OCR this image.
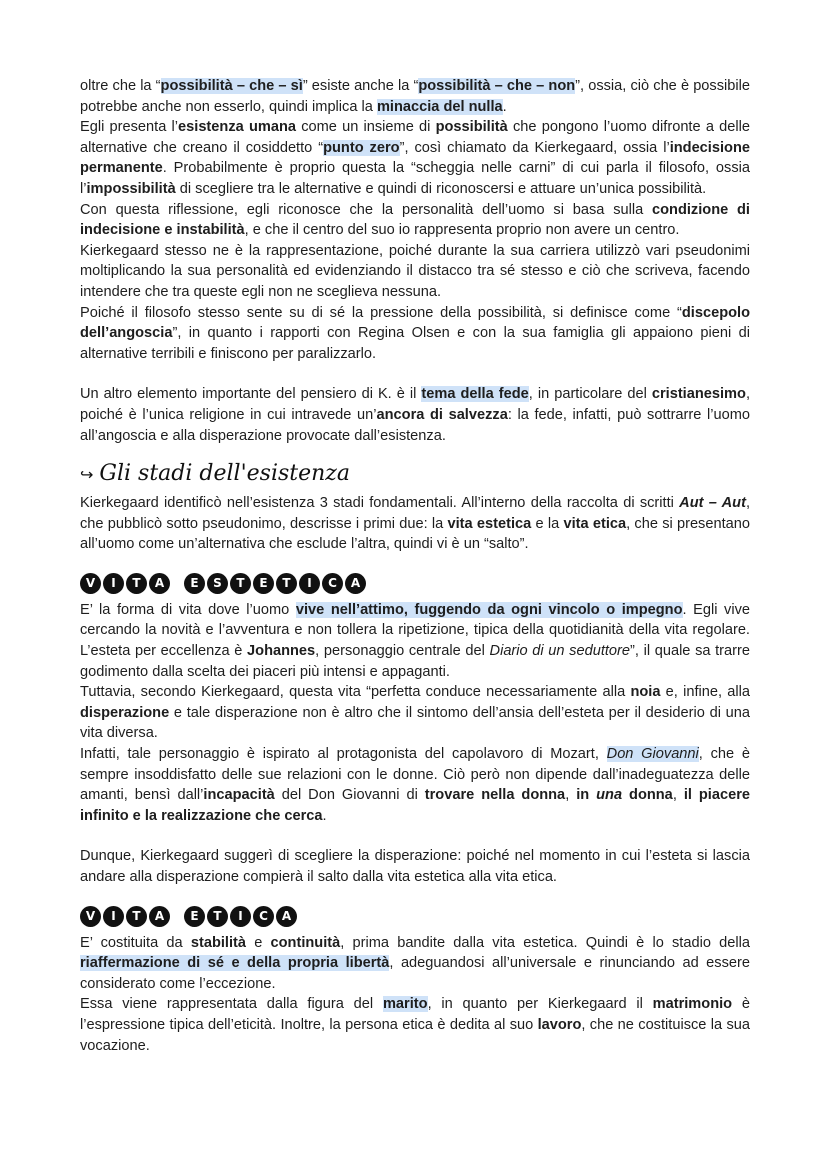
oltre che la “possibilità – che – sì” esiste anche la “possibilità – che – non”, ossia, ciò che è possibile potrebbe anche non esserlo, quindi implica la minaccia del nulla.

Egli presenta l’esistenza umana come un insieme di possibilità che pongono l’uomo difronte a delle alternative che creano il cosiddetto “punto zero”, così chiamato da Kierkegaard, ossia l’indecisione permanente. Probabilmente è proprio questa la “scheggia nelle carni” di cui parla il filosofo, ossia l’impossibilità di scegliere tra le alternative e quindi di riconoscersi e attuare un’unica possibilità.

Con questa riflessione, egli riconosce che la personalità dell’uomo si basa sulla condizione di indecisione e instabilità, e che il centro del suo io rappresenta proprio non avere un centro.

Kierkegaard stesso ne è la rappresentazione, poiché durante la sua carriera utilizzò vari pseudonimi moltiplicando la sua personalità ed evidenziando il distacco tra sé stesso e ciò che scriveva, facendo intendere che tra queste egli non ne sceglieva nessuna.

Poiché il filosofo stesso sente su di sé la pressione della possibilità, si definisce come “discepolo dell’angoscia”, in quanto i rapporti con Regina Olsen e con la sua famiglia gli appaiono pieni di alternative terribili e finiscono per paralizzarlo.

Un altro elemento importante del pensiero di K. è il tema della fede, in particolare del cristianesimo, poiché è l’unica religione in cui intravede un’ancora di salvezza: la fede, infatti, può sottrarre l’uomo all’angoscia e alla disperazione provocate dall’esistenza.

↪ Gli stadi dell'esistenza

Kierkegaard identificò nell’esistenza 3 stadi fondamentali. All’interno della raccolta di scritti Aut – Aut, che pubblicò sotto pseudonimo, descrisse i primi due: la vita estetica e la vita etica, che si presentano all’uomo come un’alternativa che esclude l’altra, quindi vi è un “salto”.

V	I	T	A	E	S	T	E	T	I	C	A

E’ la forma di vita dove l’uomo vive nell’attimo, fuggendo da ogni vincolo o impegno. Egli vive cercando la novità e l’avventura e non tollera la ripetizione, tipica della quotidianità della vita regolare. L’esteta per eccellenza è Johannes, personaggio centrale del Diario di un seduttore”, il quale sa trarre godimento dalla scelta dei piaceri più intensi e appaganti.

Tuttavia, secondo Kierkegaard, questa vita “perfetta conduce necessariamente alla noia e, infine, alla disperazione e tale disperazione non è altro che il sintomo dell’ansia dell’esteta per il desiderio di una vita diversa.

Infatti, tale personaggio è ispirato al protagonista del capolavoro di Mozart, Don Giovanni, che è sempre insoddisfatto delle sue relazioni con le donne. Ciò però non dipende dall’inadeguatezza delle amanti, bensì dall’incapacità del Don Giovanni di trovare nella donna, in una donna, il piacere infinito e la realizzazione che cerca.

Dunque, Kierkegaard suggerì di scegliere la disperazione: poiché nel momento in cui l’esteta si lascia andare alla disperazione compierà il salto dalla vita estetica alla vita etica.

V	I	T	A	E	T	I	C	A

E’ costituita da stabilità e continuità, prima bandite dalla vita estetica. Quindi è lo stadio della riaffermazione di sé e della propria libertà, adeguandosi all’universale e rinunciando ad essere considerato come l’eccezione.

Essa viene rappresentata dalla figura del marito, in quanto per Kierkegaard il matrimonio è l’espressione tipica dell’eticità. Inoltre, la persona etica è dedita al suo lavoro, che ne costituisce la sua vocazione.
